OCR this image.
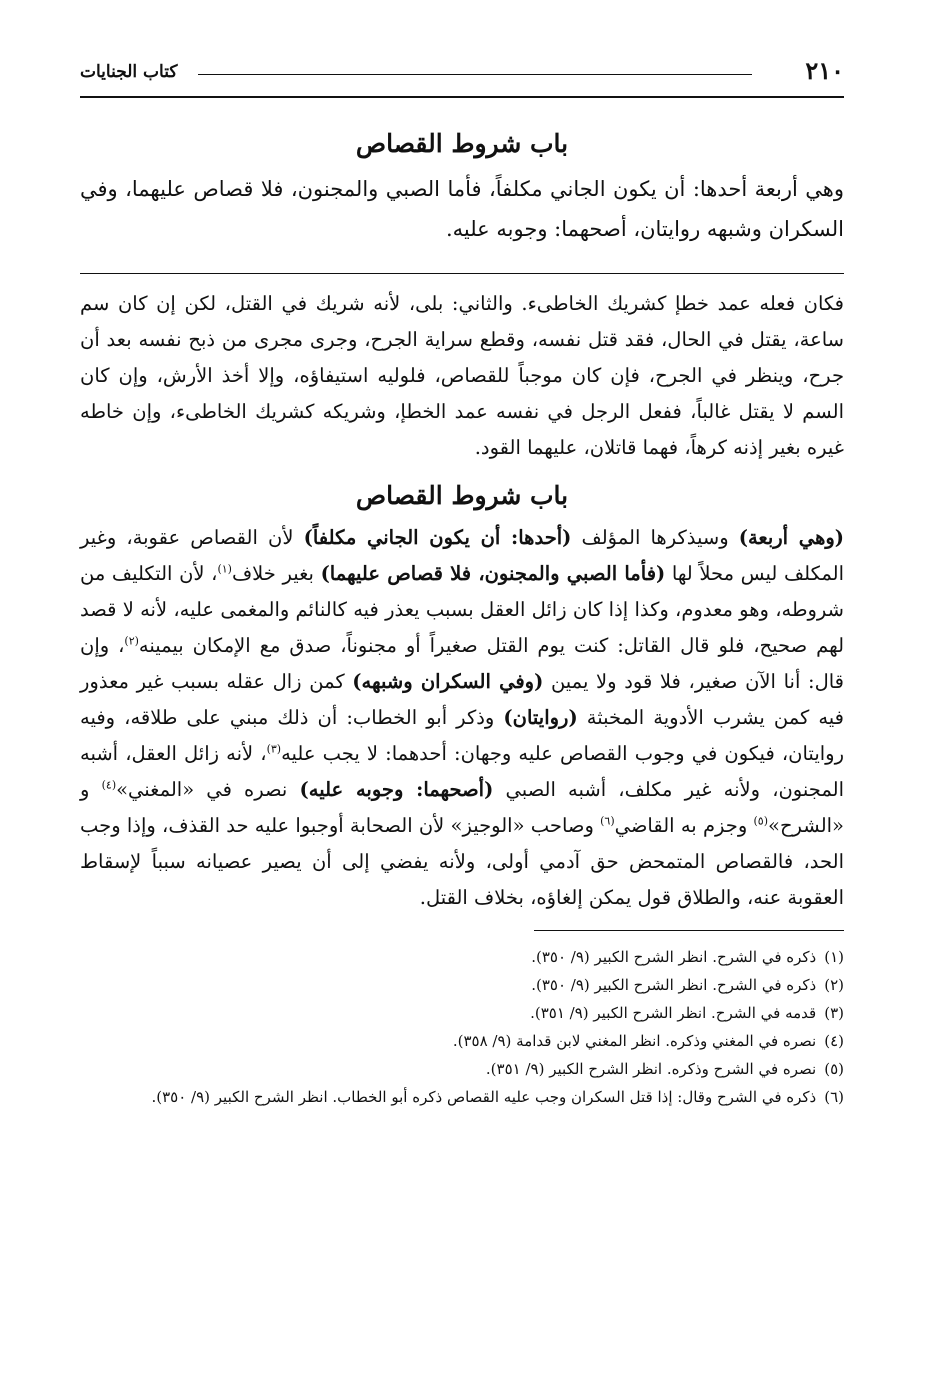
٢١٠
كتاب الجنايات
باب شروط القصاص

وهي أربعة أحدها: أن يكون الجاني مكلفاً، فأما الصبي والمجنون، فلا قصاص عليهما، وفي السكران وشبهه روايتان، أصحهما: وجوبه عليه.

فكان فعله عمد خطإ كشريك الخاطىء. والثاني: بلى، لأنه شريك في القتل، لكن إن كان سم ساعة، يقتل في الحال، فقد قتل نفسه، وقطع سراية الجرح، وجرى مجرى من ذبح نفسه بعد أن جرح، وينظر في الجرح، فإن كان موجباً للقصاص، فلوليه استيفاؤه، وإلا أخذ الأرش، وإن كان السم لا يقتل غالباً، ففعل الرجل في نفسه عمد الخطإ، وشريكه كشريك الخاطىء، وإن خاطه غيره بغير إذنه كرهاً، فهما قاتلان، عليهما القود.

باب شروط القصاص

(وهي أربعة) وسيذكرها المؤلف (أحدها: أن يكون الجاني مكلفاً) لأن القصاص عقوبة، وغير المكلف ليس محلاً لها (فأما الصبي والمجنون، فلا قصاص عليهما) بغير خلاف$^{(١)}$، لأن التكليف من شروطه، وهو معدوم، وكذا إذا كان زائل العقل بسبب يعذر فيه كالنائم والمغمى عليه، لأنه لا قصد لهم صحيح، فلو قال القاتل: كنت يوم القتل صغيراً أو مجنوناً، صدق مع الإمكان بيمينه$^{(٢)}$، وإن قال: أنا الآن صغير، فلا قود ولا يمين (وفي السكران وشبهه) كمن زال عقله بسبب غير معذور فيه كمن يشرب الأدوية المخبثة (روايتان) وذكر أبو الخطاب: أن ذلك مبني على طلاقه، وفيه روايتان، فيكون في وجوب القصاص عليه وجهان: أحدهما: لا يجب عليه$^{(٣)}$، لأنه زائل العقل، أشبه المجنون، ولأنه غير مكلف، أشبه الصبي (أصحهما: وجوبه عليه) نصره في «المغني»$^{(٤)}$ و «الشرح»$^{(٥)}$ وجزم به القاضي$^{(٦)}$ وصاحب «الوجيز» لأن الصحابة أوجبوا عليه حد القذف، وإذا وجب الحد، فالقصاص المتمحض حق آدمي أولى، ولأنه يفضي إلى أن يصير عصيانه سبباً لإسقاط العقوبة عنه، والطلاق قول يمكن إلغاؤه، بخلاف القتل.

(١)
ذكره في الشرح. انظر الشرح الكبير (٩/ ٣٥٠).
(٢)
ذكره في الشرح. انظر الشرح الكبير (٩/ ٣٥٠).
(٣)
قدمه في الشرح. انظر الشرح الكبير (٩/ ٣٥١).
(٤)
نصره في المغني وذكره. انظر المغني لابن قدامة (٩/ ٣٥٨).
(٥)
نصره في الشرح وذكره. انظر الشرح الكبير (٩/ ٣٥١).
(٦)
ذكره في الشرح وقال: إذا قتل السكران وجب عليه القصاص ذكره أبو الخطاب. انظر الشرح الكبير (٩/ ٣٥٠).
